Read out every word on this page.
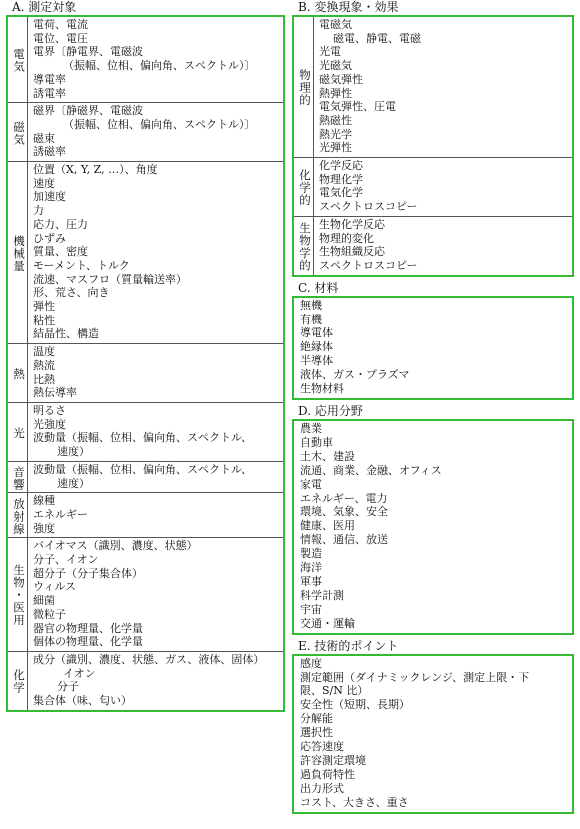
A. 測定対象
電気
電荷、電流
電位、電圧
電界〔静電界、電磁波
（振幅、位相、偏向角、スペクトル）〕
導電率
誘電率
磁気
磁界〔静磁界、電磁波
（振幅、位相、偏向角、スペクトル）〕
磁束
誘磁率
機械量
位置（X, Y, Z, …）、角度
速度
加速度
力
応力、圧力
ひずみ
質量、密度
モーメント、トルク
流速、マスフロ（質量輸送率）
形、荒さ、向き
弾性
粘性
結晶性、構造
熱
温度
熱流
比熱
熱伝導率
光
明るさ
光強度
波動量（振幅、位相、偏向角、スペクトル、
速度）
音響 波動量（振幅、位相、偏向角、スペクトル、
速度）
放射線 線種
エネルギー
強度
生物・医用
バイオマス（識別、濃度、状態）
分子、イオン
超分子（分子集合体）
ウィルス
細菌
微粒子
器官の物理量、化学量
個体の物理量、化学量
化学
成分（識別、濃度、状態、ガス、液体、固体）
イオン
分子
集合体（味、匂い）
B. 変換現象・効果
物理的
電磁気
磁電、静電、電磁
光電
光磁気
磁気弾性
熱弾性
電気弾性、圧電
熱磁性
熱光学
光弾性
化学的
化学反応
物理化学
電気化学
スペクトロスコピー
生物学的 生物化学反応
物理的変化
生物組織反応
スペクトロスコピー
C. 材料
無機
有機
導電体
絶縁体
半導体
液体、ガス・プラズマ
生物材料
D. 応用分野
農業
自動車
土木、建設
流通、商業、金融、オフィス
家電
エネルギー、電力
環境、気象、安全
健康、医用
情報、通信、放送
製造
海洋
軍事
科学計測
宇宙
交通・運輸
E. 技術的ポイント
感度
測定範囲（ダイナミックレンジ、測定上限・下
限、S/N 比）
安全性（短期、長期）
分解能
選択性
応答速度
許容測定環境
過負荷特性
出力形式
コスト、大きさ、重さ
